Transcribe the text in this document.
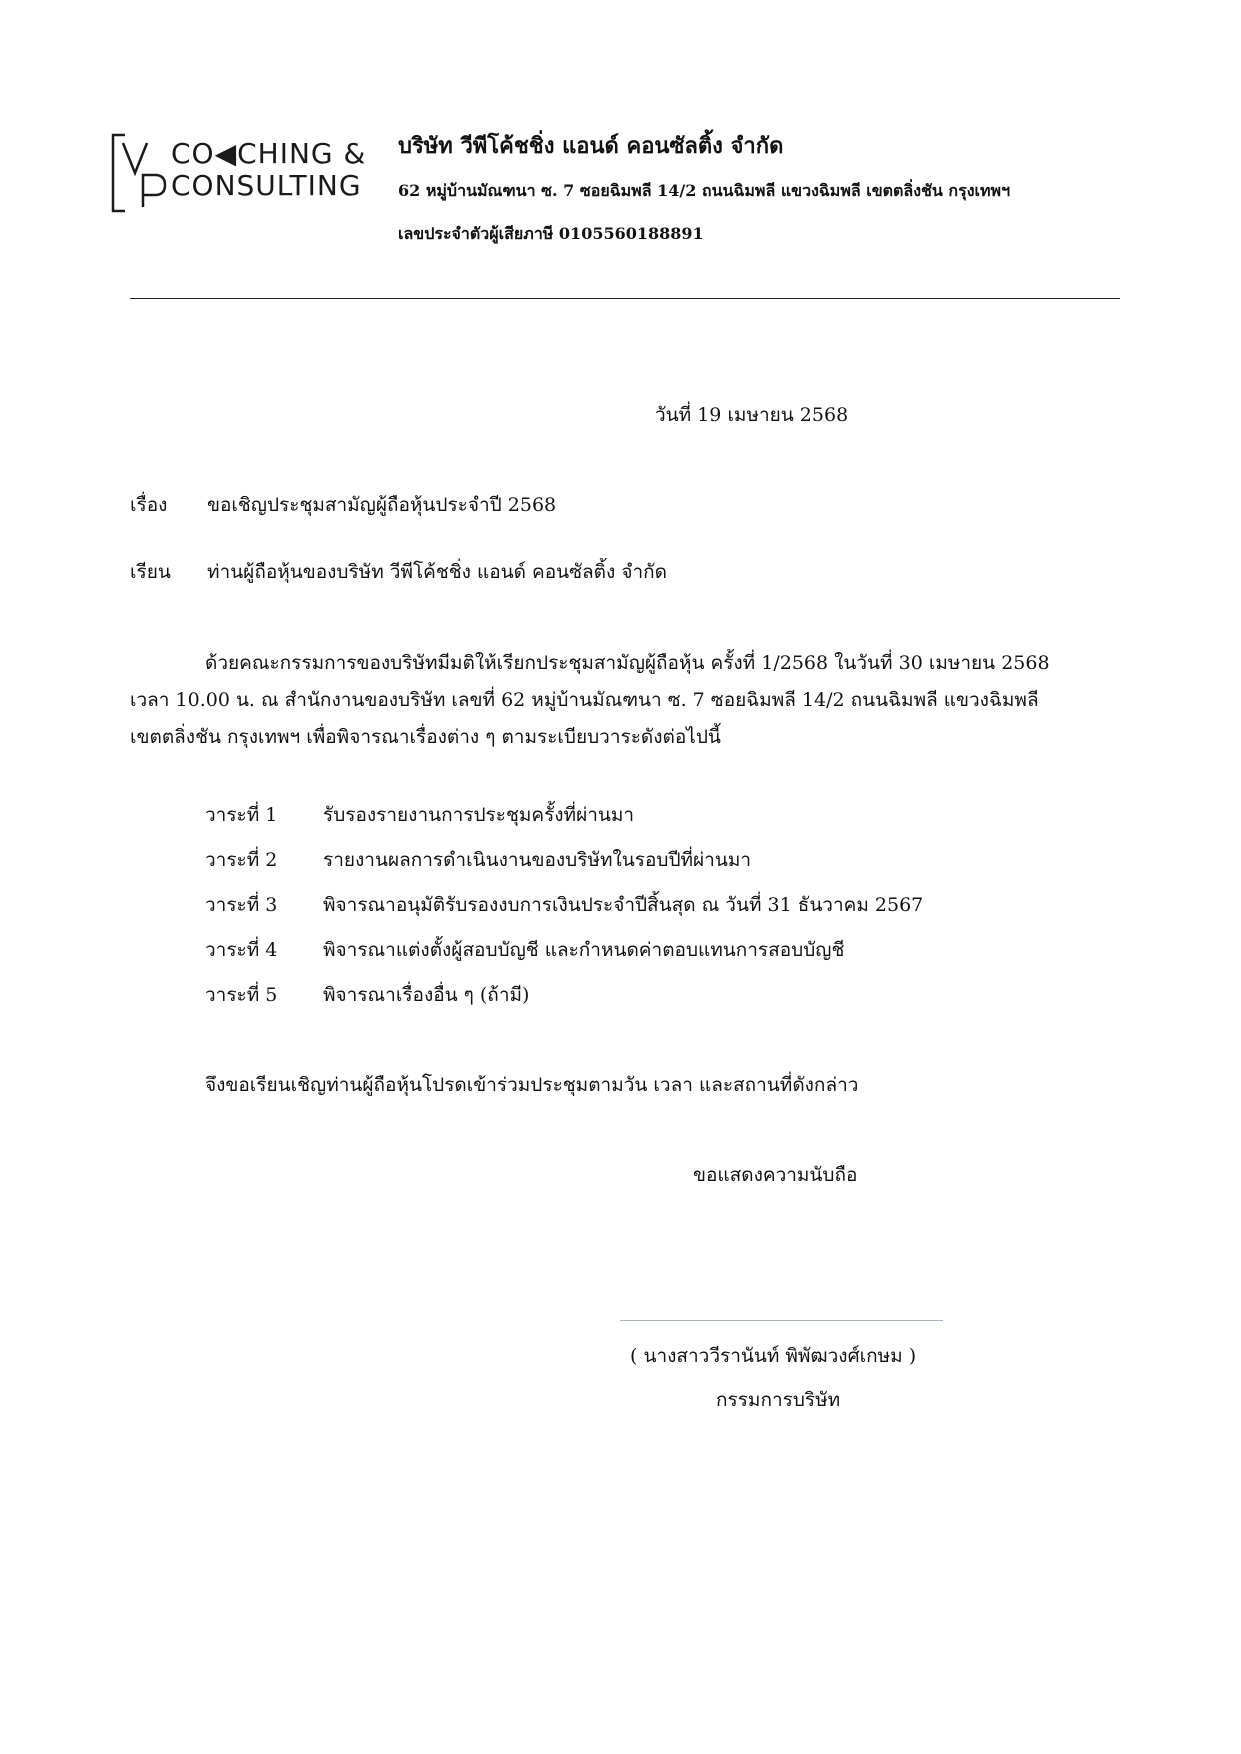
CO◀CHING &
CONSULTING
บริษัท วีพีโค้ชชิ่ง แอนด์ คอนซัลติ้ง จำกัด
62 หมู่บ้านมัณฑนา ซ. 7 ซอยฉิมพลี 14/2 ถนนฉิมพลี แขวงฉิมพลี เขตตลิ่งชัน กรุงเทพฯ
เลขประจำตัวผู้เสียภาษี 0105560188891
วันที่ 19 เมษายน 2568
เรื่อง ขอเชิญประชุมสามัญผู้ถือหุ้นประจำปี 2568
เรียน ท่านผู้ถือหุ้นของบริษัท วีพีโค้ชชิ่ง แอนด์ คอนซัลติ้ง จำกัด
ด้วยคณะกรรมการของบริษัทมีมติให้เรียกประชุมสามัญผู้ถือหุ้น ครั้งที่ 1/2568 ในวันที่ 30 เมษายน 2568
เวลา 10.00 น. ณ สำนักงานของบริษัท เลขที่ 62 หมู่บ้านมัณฑนา ซ. 7 ซอยฉิมพลี 14/2 ถนนฉิมพลี แขวงฉิมพลี
เขตตลิ่งชัน กรุงเทพฯ เพื่อพิจารณาเรื่องต่าง ๆ ตามระเบียบวาระดังต่อไปนี้
วาระที่ 1 รับรองรายงานการประชุมครั้งที่ผ่านมา
วาระที่ 2 รายงานผลการดำเนินงานของบริษัทในรอบปีที่ผ่านมา
วาระที่ 3 พิจารณาอนุมัติรับรองงบการเงินประจำปีสิ้นสุด ณ วันที่ 31 ธันวาคม 2567
วาระที่ 4 พิจารณาแต่งตั้งผู้สอบบัญชี และกำหนดค่าตอบแทนการสอบบัญชี
วาระที่ 5 พิจารณาเรื่องอื่น ๆ (ถ้ามี)
จึงขอเรียนเชิญท่านผู้ถือหุ้นโปรดเข้าร่วมประชุมตามวัน เวลา และสถานที่ดังกล่าว
ขอแสดงความนับถือ
( นางสาววีรานันท์ พิพัฒวงศ์เกษม )
กรรมการบริษัท
